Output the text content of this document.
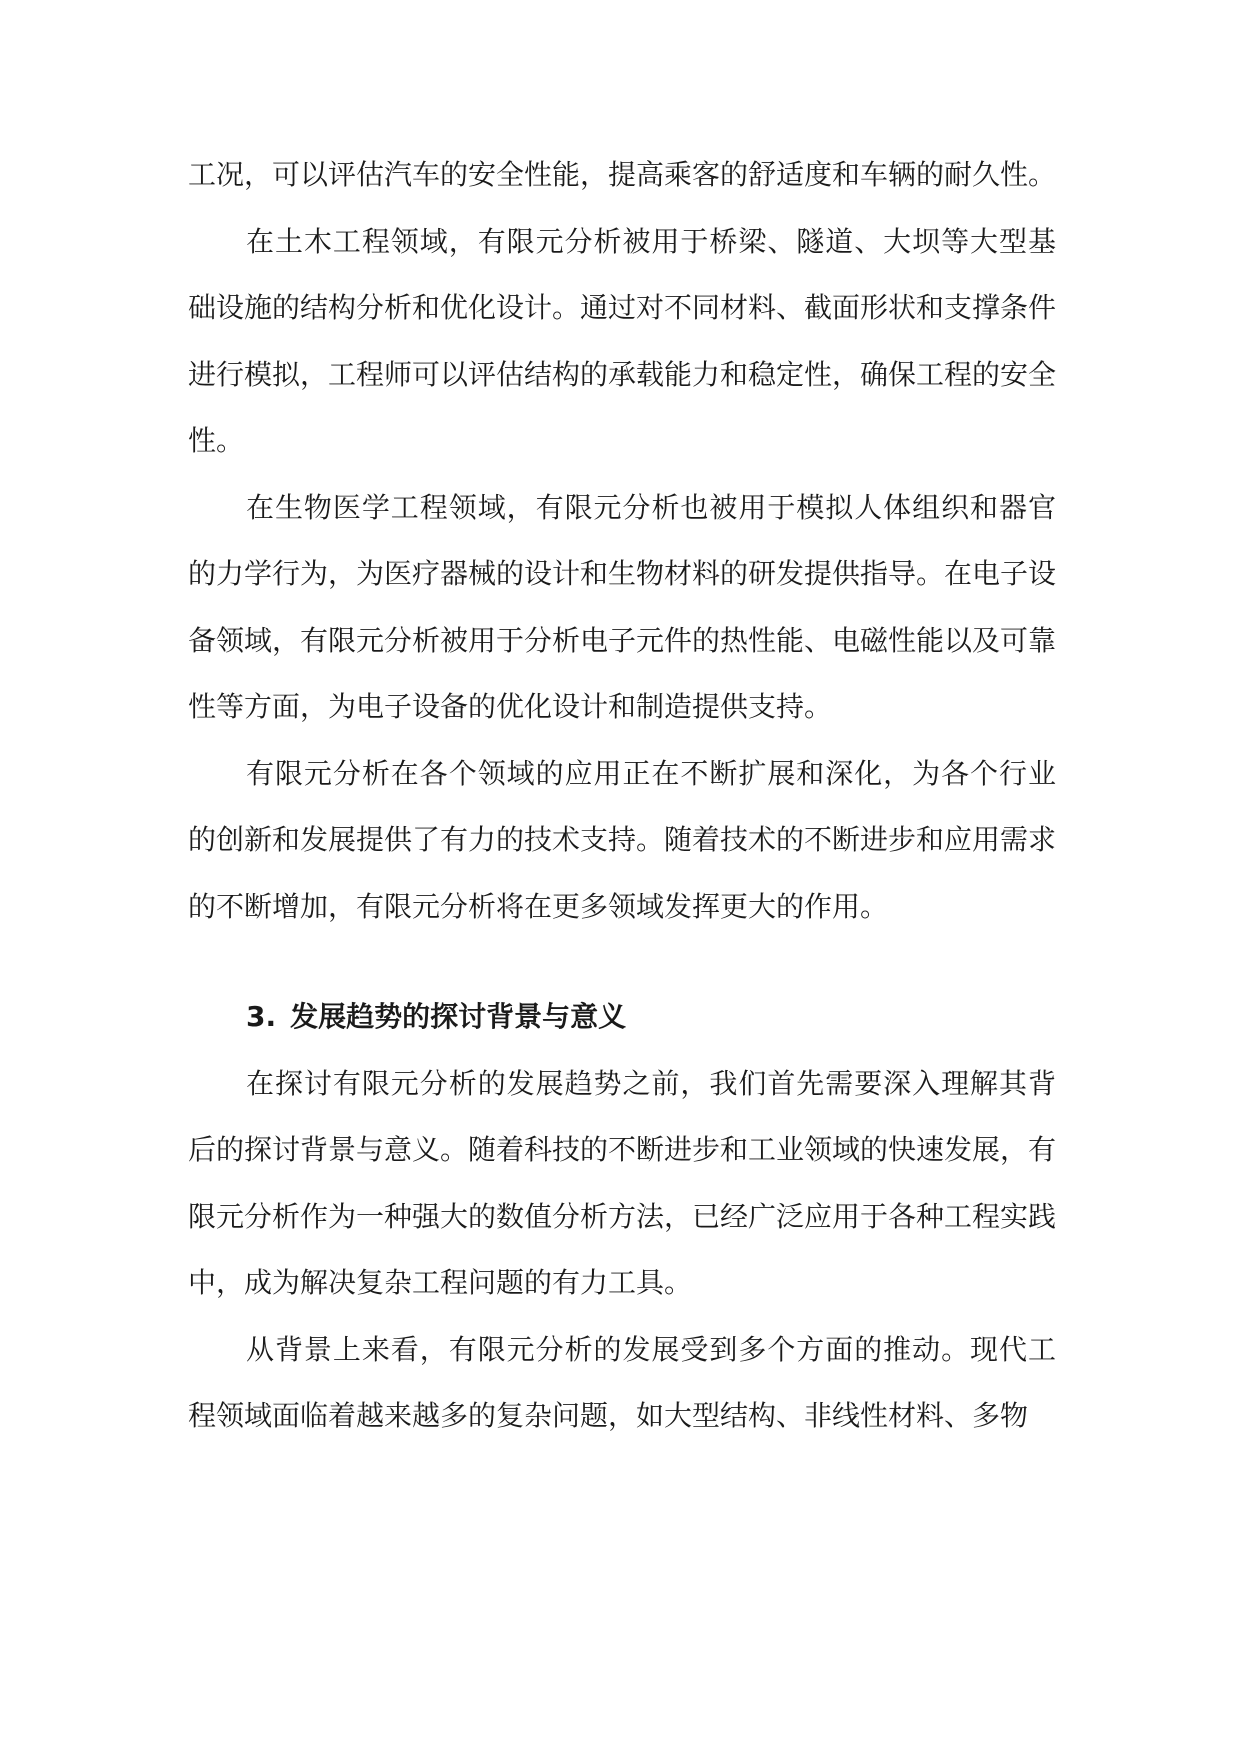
工况，可以评估汽车的安全性能，提高乘客的舒适度和车辆的耐久性。

在土木工程领域，有限元分析被用于桥梁、隧道、大坝等大型基础设施的结构分析和优化设计。通过对不同材料、截面形状和支撑条件进行模拟，工程师可以评估结构的承载能力和稳定性，确保工程的安全性。

在生物医学工程领域，有限元分析也被用于模拟人体组织和器官的力学行为，为医疗器械的设计和生物材料的研发提供指导。在电子设备领域，有限元分析被用于分析电子元件的热性能、电磁性能以及可靠性等方面，为电子设备的优化设计和制造提供支持。

有限元分析在各个领域的应用正在不断扩展和深化，为各个行业的创新和发展提供了有力的技术支持。随着技术的不断进步和应用需求的不断增加，有限元分析将在更多领域发挥更大的作用。

3. 发展趋势的探讨背景与意义

在探讨有限元分析的发展趋势之前，我们首先需要深入理解其背后的探讨背景与意义。随着科技的不断进步和工业领域的快速发展，有限元分析作为一种强大的数值分析方法，已经广泛应用于各种工程实践中，成为解决复杂工程问题的有力工具。

从背景上来看，有限元分析的发展受到多个方面的推动。现代工程领域面临着越来越多的复杂问题，如大型结构、非线性材料、多物
